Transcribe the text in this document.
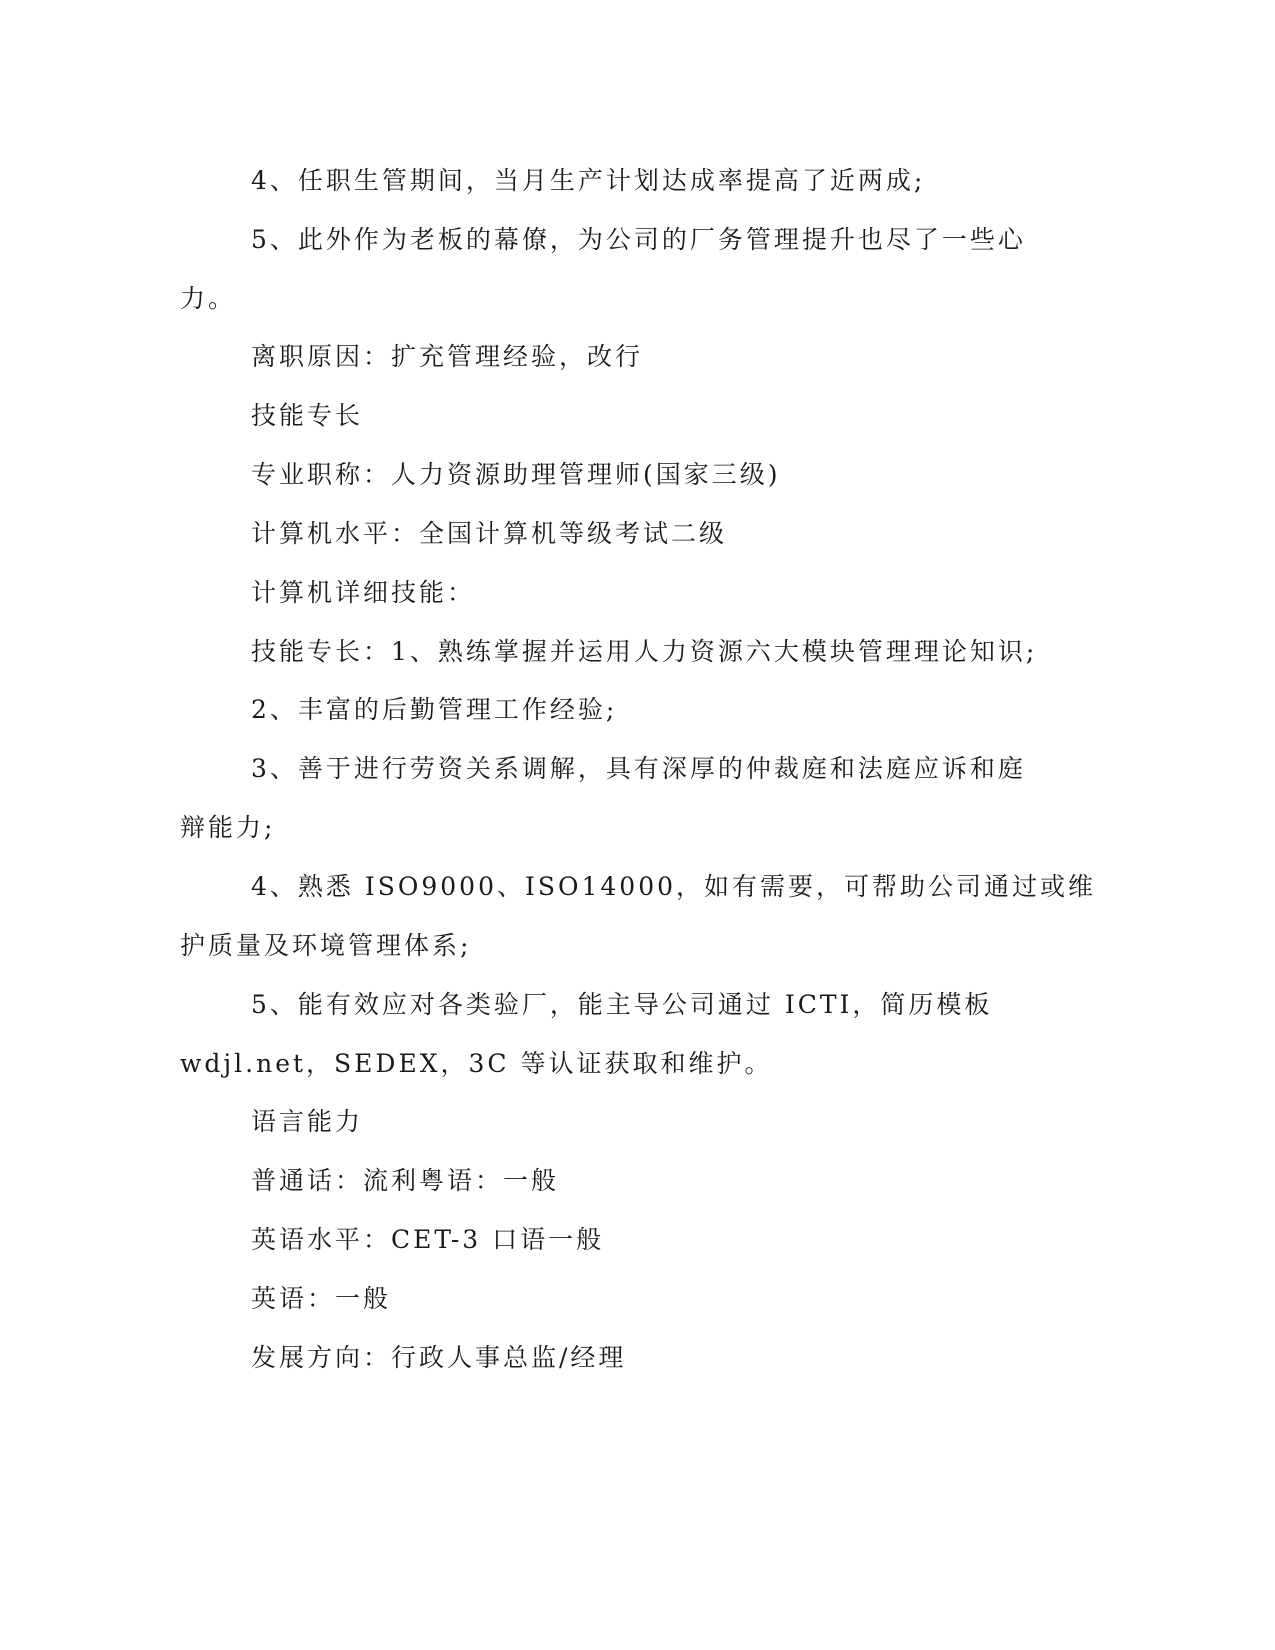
4、任职生管期间，当月生产计划达成率提高了近两成;
5、此外作为老板的幕僚，为公司的厂务管理提升也尽了一些心
力。
离职原因：扩充管理经验，改行
技能专长
专业职称：人力资源助理管理师(国家三级)
计算机水平：全国计算机等级考试二级
计算机详细技能：
技能专长：1、熟练掌握并运用人力资源六大模块管理理论知识;
2、丰富的后勤管理工作经验;
3、善于进行劳资关系调解，具有深厚的仲裁庭和法庭应诉和庭
辩能力;
4、熟悉 ISO9000、ISO14000，如有需要，可帮助公司通过或维
护质量及环境管理体系;
5、能有效应对各类验厂，能主导公司通过 ICTI，简历模板
wdjl.net，SEDEX，3C 等认证获取和维护。
语言能力
普通话：流利粤语：一般
英语水平：CET-3 口语一般
英语：一般
发展方向：行政人事总监/经理
